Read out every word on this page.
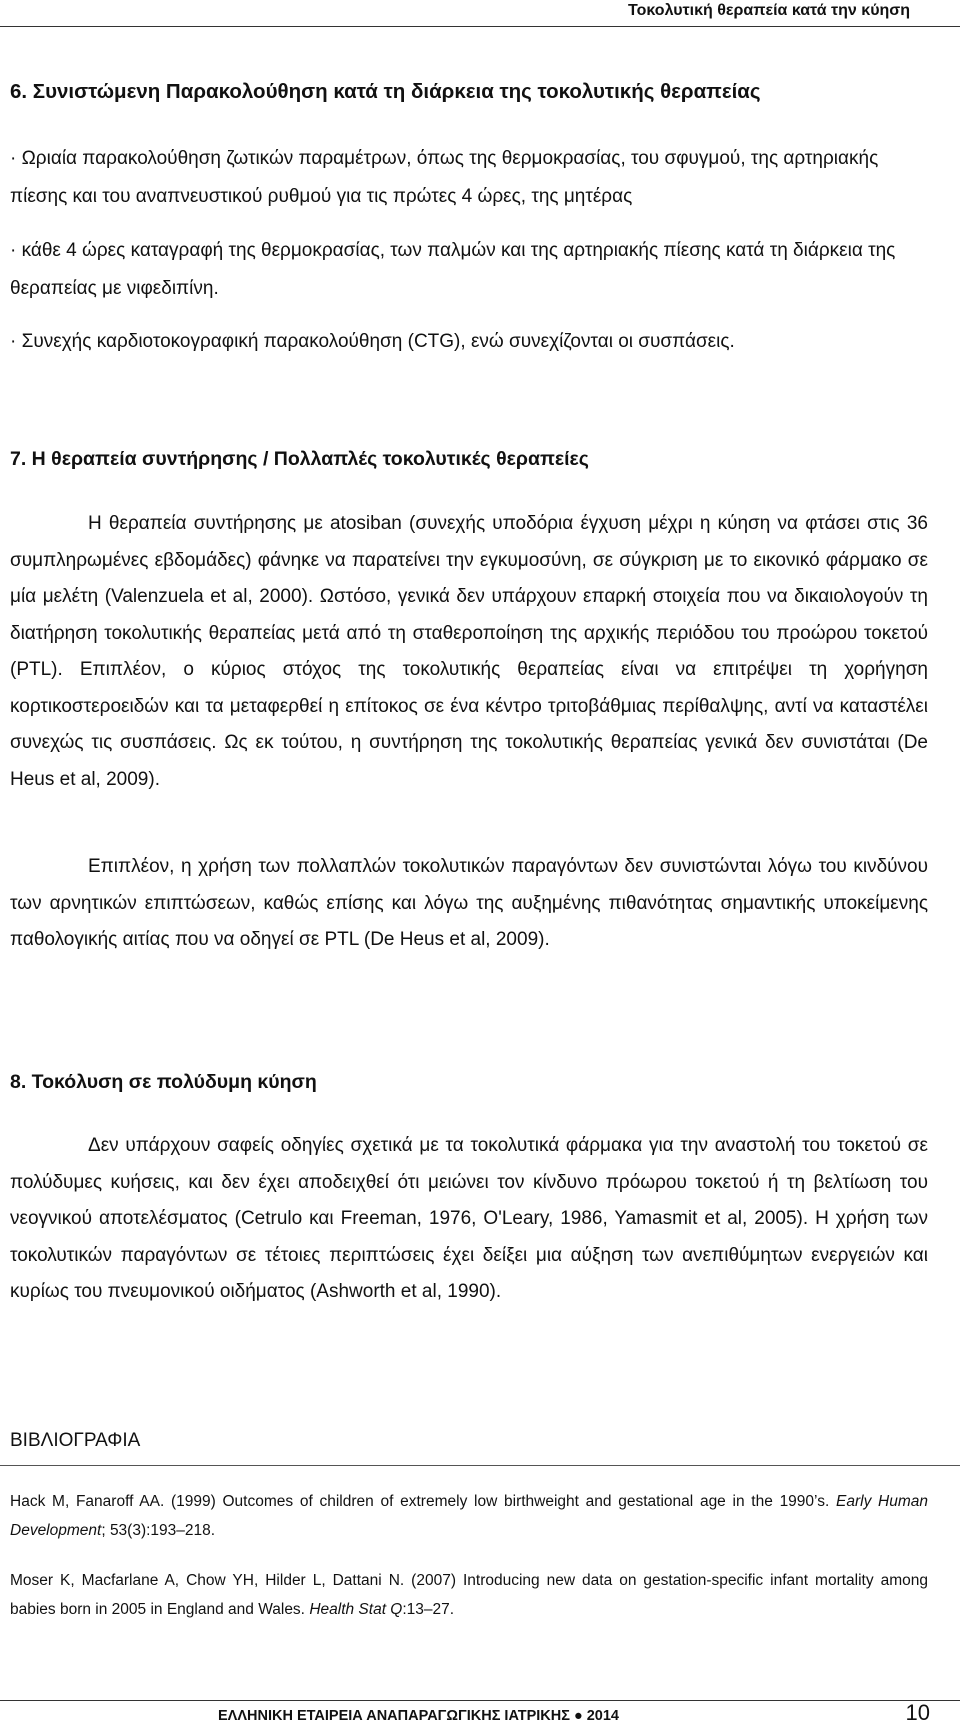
Τοκολυτική θεραπεία κατά την κύηση
6. Συνιστώμενη Παρακολούθηση κατά τη διάρκεια της τοκολυτικής θεραπείας
· Ωριαία παρακολούθηση ζωτικών παραμέτρων, όπως της θερμοκρασίας, του σφυγμού, της αρτηριακής πίεσης και του αναπνευστικού ρυθμού για τις πρώτες 4 ώρες, της μητέρας
· κάθε 4 ώρες καταγραφή της θερμοκρασίας, των παλμών και της αρτηριακής πίεσης κατά τη διάρκεια της θεραπείας με νιφεδιπίνη.
· Συνεχής καρδιοτοκογραφική παρακολούθηση (CTG), ενώ συνεχίζονται οι συσπάσεις.
7. Η θεραπεία συντήρησης / Πολλαπλές τοκολυτικές θεραπείες
Η θεραπεία συντήρησης με atosiban (συνεχής υποδόρια έγχυση μέχρι η κύηση να φτάσει στις 36 συμπληρωμένες εβδομάδες) φάνηκε να παρατείνει την εγκυμοσύνη, σε σύγκριση με το εικονικό φάρμακο σε μία μελέτη (Valenzuela et al, 2000). Ωστόσο, γενικά δεν υπάρχουν επαρκή στοιχεία που να δικαιολογούν τη διατήρηση τοκολυτικής θεραπείας μετά από τη σταθεροποίηση της αρχικής περιόδου του προώρου τοκετού (PTL). Επιπλέον, ο κύριος στόχος της τοκολυτικής θεραπείας είναι να επιτρέψει τη χορήγηση κορτικοστεροειδών και τα μεταφερθεί η επίτοκος σε ένα κέντρο τριτοβάθμιας περίθαλψης, αντί να καταστέλει συνεχώς τις συσπάσεις. Ως εκ τούτου, η συντήρηση της τοκολυτικής θεραπείας γενικά δεν συνιστάται (De Heus et al, 2009).
Επιπλέον, η χρήση των πολλαπλών τοκολυτικών παραγόντων δεν συνιστώνται λόγω του κινδύνου των αρνητικών επιπτώσεων, καθώς επίσης και λόγω της αυξημένης πιθανότητας σημαντικής υποκείμενης παθολογικής αιτίας που να οδηγεί σε PTL (De Heus et al, 2009).
8. Τοκόλυση σε πολύδυμη κύηση
Δεν υπάρχουν σαφείς οδηγίες σχετικά με τα τοκολυτικά φάρμακα για την αναστολή του τοκετού σε πολύδυμες κυήσεις, και δεν έχει αποδειχθεί ότι μειώνει τον κίνδυνο πρόωρου τοκετού ή τη βελτίωση του νεογνικού αποτελέσματος (Cetrulo και Freeman, 1976, O'Leary, 1986, Yamasmit et al, 2005). Η χρήση των τοκολυτικών παραγόντων σε τέτοιες περιπτώσεις έχει δείξει μια αύξηση των ανεπιθύμητων ενεργειών και κυρίως του πνευμονικού οιδήματος (Ashworth et al, 1990).
ΒΙΒΛΙΟΓΡΑΦΙΑ
Hack M, Fanaroff AA. (1999) Outcomes of children of extremely low birthweight and gestational age in the 1990’s. Early Human Development; 53(3):193–218.
Moser K, Macfarlane A, Chow YH, Hilder L, Dattani N. (2007) Introducing new data on gestation-specific infant mortality among babies born in 2005 in England and Wales. Health Stat Q:13–27.
ΕΛΛΗΝΙΚΗ ΕΤΑΙΡΕΙΑ ΑΝΑΠΑΡΑΓΩΓΙΚΗΣ ΙΑΤΡΙΚΗΣ ● 2014	10
